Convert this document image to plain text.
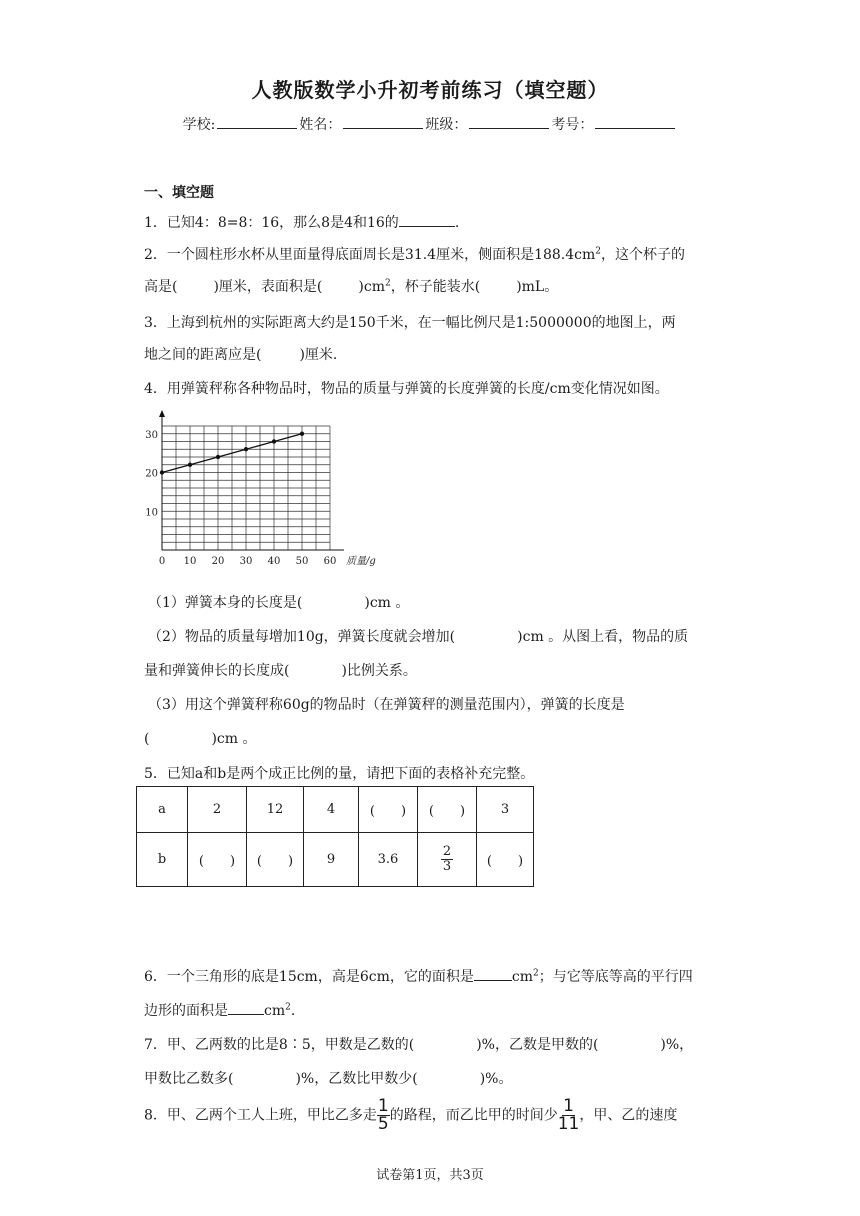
人教版数学小升初考前练习（填空题）
学校:	姓名：	班级：	考号：
一、填空题
1．已知4：8=8：16，那么8是4和16的	.
2．一个圆柱形水杯从里面量得底面周长是31.4厘米，侧面积是$188.4cm^2$，这个杯子的
高是(	)厘米，表面积是(	)$cm^2$，杯子能装水(	)mL。
3．上海到杭州的实际距离大约是150千米，在一幅比例尺是1:5000000的地图上，两
地之间的距离应是(	)厘米.
4．用弹簧秤称各种物品时，物品的质量与弹簧的长度弹簧的长度/cm变化情况如图。
0 10 20 30 40 50 60
10
20
30
质量/g
（1）弹簧本身的长度是(	)cm 。
（2）物品的质量每增加10g，弹簧长度就会增加(	)cm 。从图上看，物品的质
量和弹簧伸长的长度成(	)比例关系。
（3）用这个弹簧秤称60g的物品时（在弹簧秤的测量范围内），弹簧的长度是
(	)cm 。
5．已知a和b是两个成正比例的量，请把下面的表格补充完整。
a	2	12	4	(　　)	(　　)	3
b	(　　)	(　　)	9	3.6	$\frac{2}{3}$	(　　)
6．一个三角形的底是15cm，高是6cm，它的面积是	$cm^2$；与它等底等高的平行四
边形的面积是	$cm^2$.
7．甲、乙两数的比是8∶5，甲数是乙数的(	)%，乙数是甲数的(	)%，
甲数比乙数多(	)%，乙数比甲数少(	)%。
8．甲、乙两个工人上班，甲比乙多走 $\frac{1}{5}$ 的路程，而乙比甲的时间少 $\frac{1}{11}$ ，甲、乙的速度
试卷第1页，共3页
